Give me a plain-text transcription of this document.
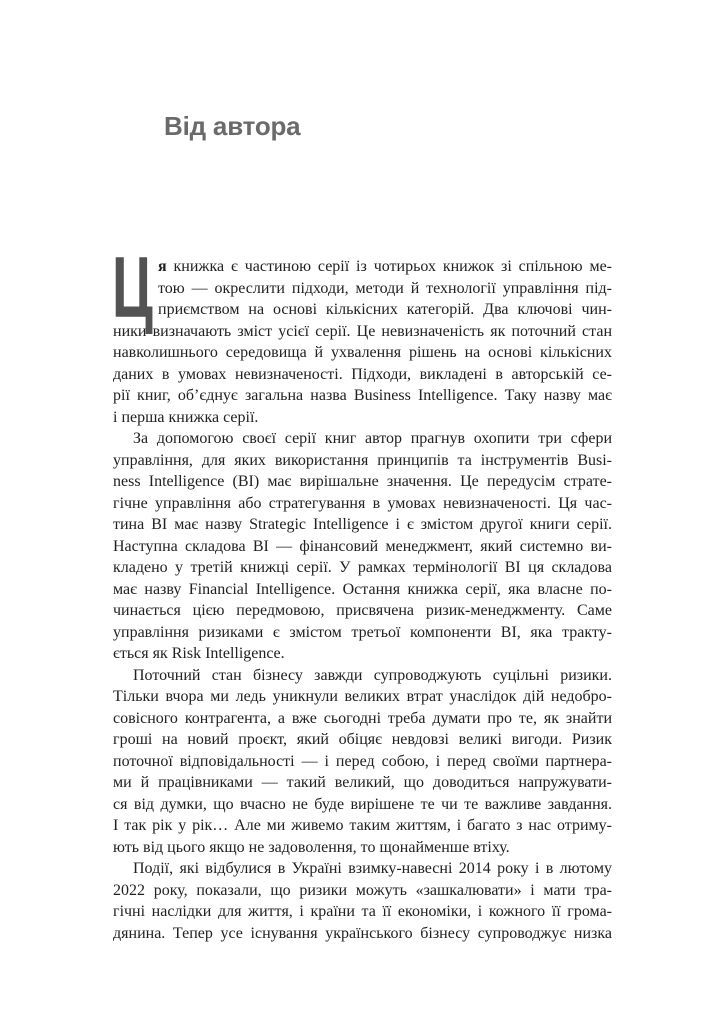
Від автора
Ц я книжка є частиною серії із чотирьох книжок зі спільною ме-
тою — окреслити підходи, методи й технології управління під-
приємством на основі кількісних категорій. Два ключові чин-
ники визначають зміст усієї серії. Це невизначеність як поточний стан
навколишнього середовища й ухвалення рішень на основі кількісних
даних в умовах невизначеності. Підходи, викладені в авторській се-
рії книг, об’єднує загальна назва Business Intelligence. Таку назву має
і перша книжка серії.
За допомогою своєї серії книг автор прагнув охопити три сфери
управління, для яких використання принципів та інструментів Busi-
ness Intelligence (BI) має вирішальне значення. Це передусім страте-
гічне управління або стратегування в умовах невизначеності. Ця час-
тина BI має назву Strategic Intelligence і є змістом другої книги серії.
Наступна складова BI — фінансовий менеджмент, який системно ви-
кладено у третій книжці серії. У рамках термінології BI ця складова
має назву Financial Intelligence. Остання книжка серії, яка власне по-
чинається цією передмовою, присвячена ризик-менеджменту. Саме
управління ризиками є змістом третьої компоненти BI, яка тракту-
ється як Risk Intelligence.
Поточний стан бізнесу завжди супроводжують суцільні ризики.
Тільки вчора ми ледь уникнули великих втрат унаслідок дій недобро-
совісного контрагента, а вже сьогодні треба думати про те, як знайти
гроші на новий проєкт, який обіцяє невдовзі великі вигоди. Ризик
поточної відповідальності — і перед собою, і перед своїми партнера-
ми й працівниками — такий великий, що доводиться напружувати-
ся від думки, що вчасно не буде вирішене те чи те важливе завдання.
І так рік у рік… Але ми живемо таким життям, і багато з нас отриму-
ють від цього якщо не задоволення, то щонайменше втіху.
Події, які відбулися в Україні взимку-навесні 2014 року і в лютому
2022 року, показали, що ризики можуть «зашкалювати» і мати тра-
гічні наслідки для життя, і країни та її економіки, і кожного її грома-
дянина. Тепер усе існування українського бізнесу супроводжує низка
